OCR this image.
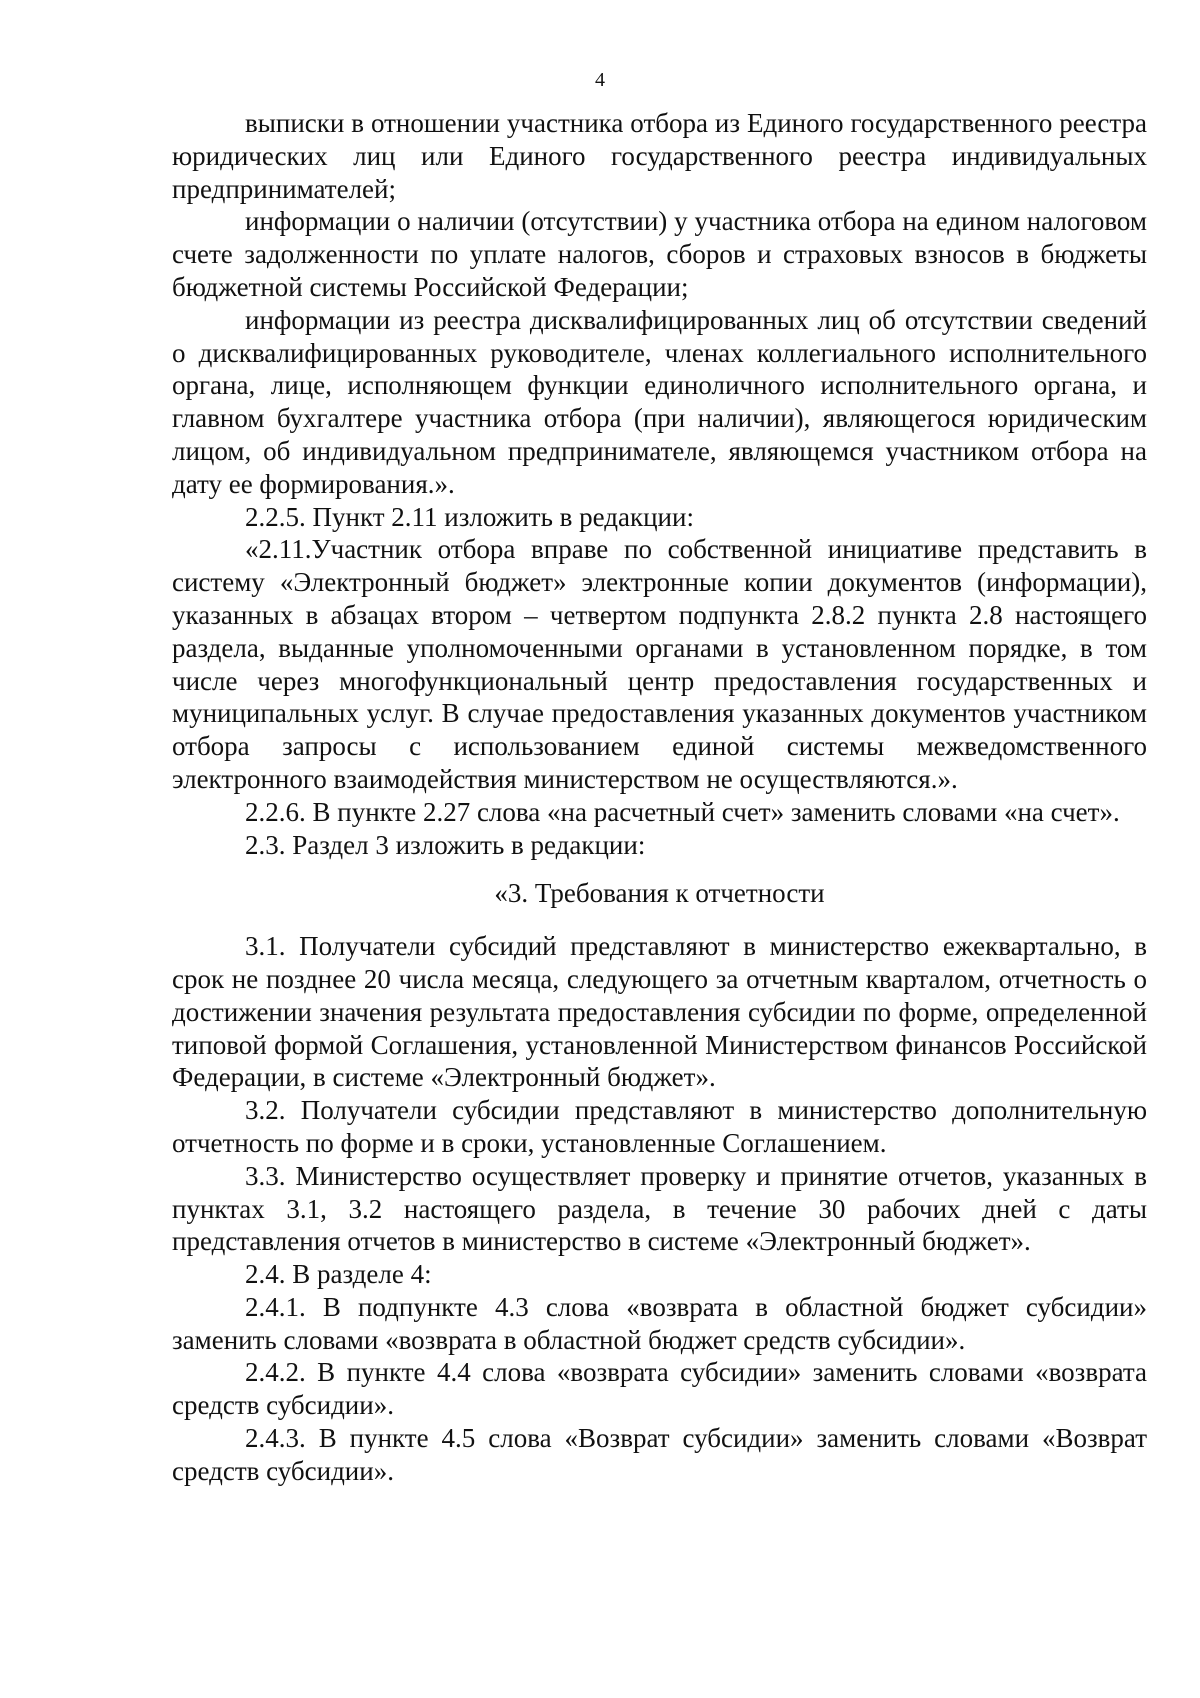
4

выписки в отношении участника отбора из Единого государственного реестра юридических лиц или Единого государственного реестра индивидуальных предпринимателей;

информации о наличии (отсутствии) у участника отбора на едином налоговом счете задолженности по уплате налогов, сборов и страховых взносов в бюджеты бюджетной системы Российской Федерации;

информации из реестра дисквалифицированных лиц об отсутствии сведений о дисквалифицированных руководителе, членах коллегиального исполнительного органа, лице, исполняющем функции единоличного исполнительного органа, и главном бухгалтере участника отбора (при наличии), являющегося юридическим лицом, об индивидуальном предпринимателе, являющемся участником отбора на дату ее формирования.».

2.2.5. Пункт 2.11 изложить в редакции:

«2.11.Участник отбора вправе по собственной инициативе представить в систему «Электронный бюджет» электронные копии документов (информации), указанных в абзацах втором – четвертом подпункта 2.8.2 пункта 2.8 настоящего раздела, выданные уполномоченными органами в установленном порядке, в том числе через многофункциональный центр предоставления государственных и муниципальных услуг. В случае предоставления указанных документов участником отбора запросы с использованием единой системы межведомственного электронного взаимодействия министерством не осуществляются.».

2.2.6. В пункте 2.27 слова «на расчетный счет» заменить словами «на счет».

2.3. Раздел 3 изложить в редакции:

«3. Требования к отчетности

3.1. Получатели субсидий представляют в министерство ежеквартально, в срок не позднее 20 числа месяца, следующего за отчетным кварталом, отчетность о достижении значения результата предоставления субсидии по форме, определенной типовой формой Соглашения, установленной Министерством финансов Российской Федерации, в системе «Электронный бюджет».

3.2. Получатели субсидии представляют в министерство дополнительную отчетность по форме и в сроки, установленные Соглашением.

3.3. Министерство осуществляет проверку и принятие отчетов, указанных в пунктах 3.1, 3.2 настоящего раздела, в течение 30 рабочих дней с даты представления отчетов в министерство в системе «Электронный бюджет».

2.4. В разделе 4:

2.4.1. В подпункте 4.3 слова «возврата в областной бюджет субсидии» заменить словами «возврата в областной бюджет средств субсидии».

2.4.2. В пункте 4.4 слова «возврата субсидии» заменить словами «возврата средств субсидии».

2.4.3. В пункте 4.5 слова «Возврат субсидии» заменить словами «Возврат средств субсидии».
